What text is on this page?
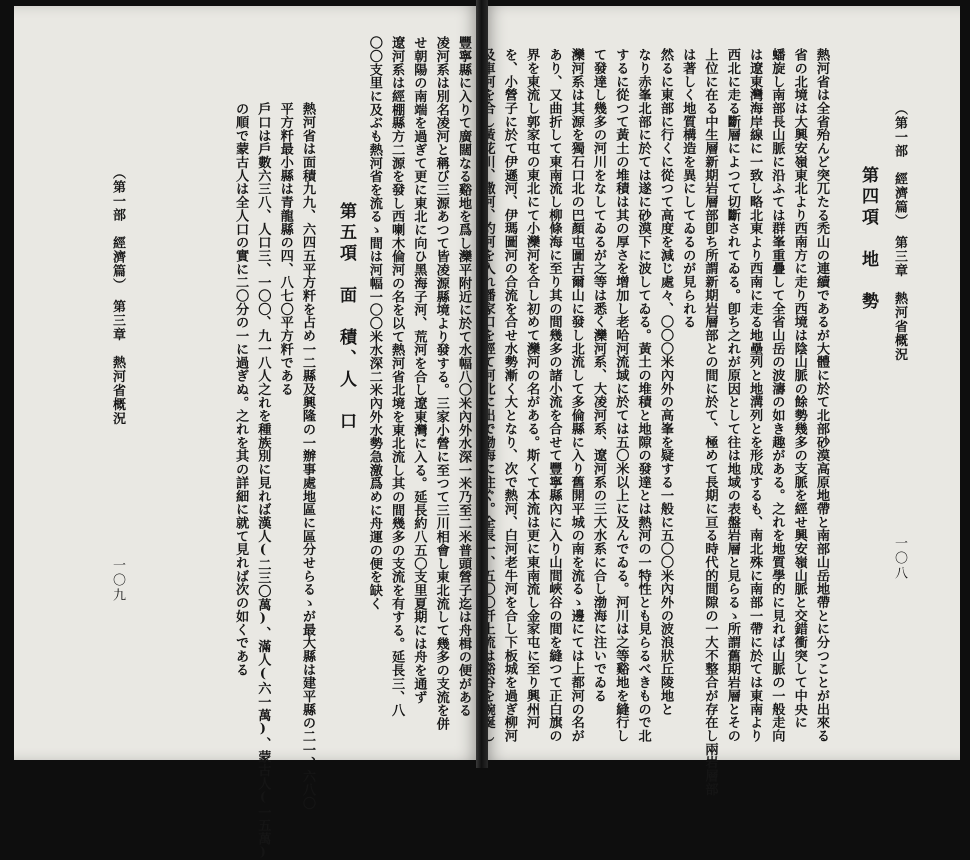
（第一部　經濟篇）　第三章　熱河省概況
一〇九	豐寧縣に入りて廣闊なる谿地を爲し灤平附近に於て水幅八〇米內外水深一米乃至二米普頭營子迄は舟楫の便がある

凌河系は別名凌河と稱び三源あつて皆凌源縣境より發する。三家小營に至つて三川相會し東北流して幾多の支流を併

せ朝陽の南端を過ぎて更に東北に向ひ黑海子河、荒河を合し遼東灣に入る。延長約八五〇支里夏期には舟を通ず

遼河系は經棚縣方二源を發し西喇木倫河の名を以て熱河省北境を東北流し其の間幾多の支流を有する。延長三、八

〇〇支里に及ぶも熱河省を流るゝ間は河幅一〇〇米水深二米內外水勢急激爲めに舟運の便を缺く

第五項　面　積、人　口

熱河省は面積九九、六四五平方粁を占め一二縣及興隆の一辦事處地區に區分せらるゝが最大縣は建平縣の二一、六八〇

平方粁最小縣は青龍縣の四、八七〇平方粁である

戶口は戶數六三八、人口三、一〇〇、九一八人之れを種族別に見れば漢人(二三〇萬)、滿人(六一萬)、蒙古人(一五萬)

の順で蒙古人は全人口の實に二〇分の一に過ぎぬ。之れを其の詳細に就て見れば次の如くである	（第一部　經濟篇）　第三章　熱河省概況
一〇八
第四項　地　勢

熱河省は全省殆んど突兀たる禿山の連續であるが大體に於て北部砂漠高原地帶と南部山岳地帶とに分つことが出來る

省の北境は大興安嶺東北より西南方に走り西境は陰山脈の餘勢幾多の支脈を經せ興安嶺山脈と交錯衝突して中央に

蟠旋し南部長山脈に沿ふては群峯重疊して全省山岳の波濤の如き趣がある。之れを地質學的に見れば山脈の一般走向

は遼東灣海岸線に一致し略北東より西南に走る地壘列と地溝列とを形成するも、南北殊に南部一帶に於ては東南より

西北に走る斷層によつて切斷されてゐる。卽ち之れが原因として往は地域の表盤岩層と見らるゝ所謂舊期岩層とその

上位に在る中生層新期岩層部卽ち所謂新期岩層部との間に於て、極めて長期に亘る時代的間隙の一大不整合が存在し兩岩層部

は著しく地質構造を異にしてゐるのが見られる

然るに東部に行くに從つて高度を減じ處々、〇〇〇米內外の高峯を疑する一般に五〇〇米內外の波浪狀丘陵地と

なり赤峯北部に於ては遂に砂漠下に波してゐる。黃土の堆積と地隙の發達とは熱河の一特性とも見らるべきもので北

するに從つて黃土の堆積は其の厚さを增加し老哈河流域に於ては五〇米以上に及んでゐる。河川は之等谿地を縫行し

て發達し幾多の河川をなしてゐるが之等は悉く灤河系、大凌河系、遼河系の三大水系に合し渤海に注いでゐる

灤河系は其源を獨石口北の巴顏屯圖古爾山に發し北流して多倫縣に入り舊開平城の南を流るゝ邊にては上都河の名が

あり、又曲折して東南流し柳條海に至り其の間幾多の諸小流を合せて豐寧縣內に入り山間峽谷の間を縫つて正白旗の

界を東流し郭家屯の東北にて小灤河を合し初めて灤河の名がある。斯くて本流は更に東南流し金家屯に至り興州河

を、小營子に於て伊遜河、伊瑪圖河の合流を合せ水勢漸く大となり、次で熱河、白河老牛河を合し下板城を過ぎ柳河
